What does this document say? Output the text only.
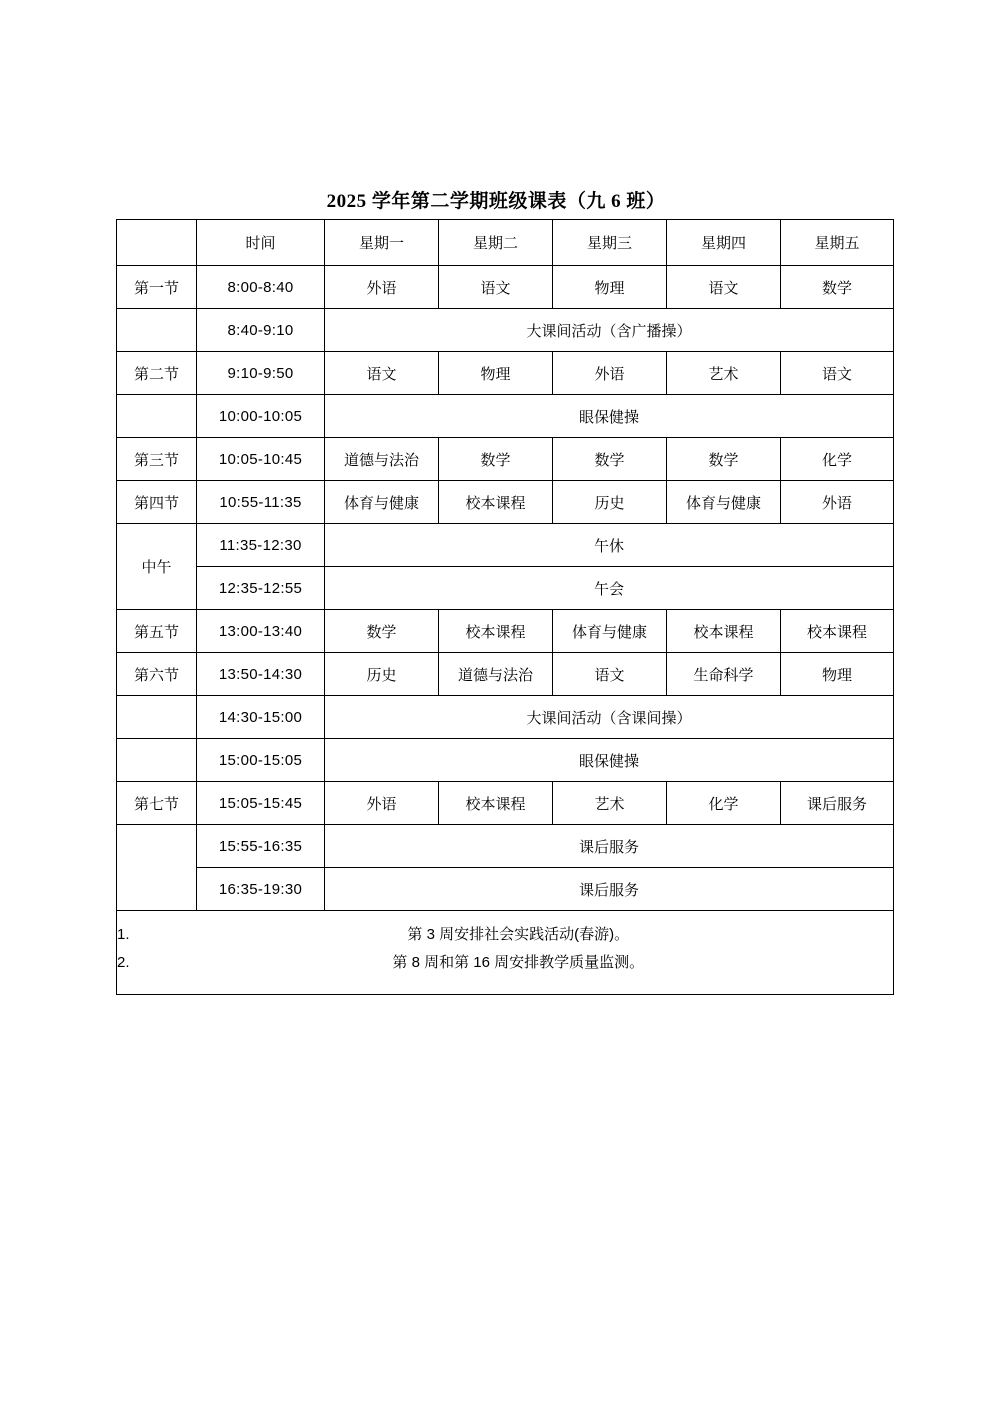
2025 学年第二学期班级课表（九 6 班）
	时间	星期一	星期二	星期三	星期四	星期五
第一节	8:00-8:40	外语	语文	物理	语文	数学
	8:40-9:10	大课间活动（含广播操）				
第二节	9:10-9:50	语文	物理	外语	艺术	语文
	10:00-10:05	眼保健操				
第三节	10:05-10:45	道德与法治	数学	数学	数学	化学
第四节	10:55-11:35	体育与健康	校本课程	历史	体育与健康	外语
中午	11:35-12:30	午休				
	12:35-12:55	午会				
第五节	13:00-13:40	数学	校本课程	体育与健康	校本课程	校本课程
第六节	13:50-14:30	历史	道德与法治	语文	生命科学	物理
	14:30-15:00	大课间活动（含课间操）				
	15:00-15:05	眼保健操				
第七节	15:05-15:45	外语	校本课程	艺术	化学	课后服务
	15:55-16:35	课后服务				
	16:35-19:30	课后服务				

1. 第 3 周安排社会实践活动(春游)。
2. 第 8 周和第 16 周安排教学质量监测。						
